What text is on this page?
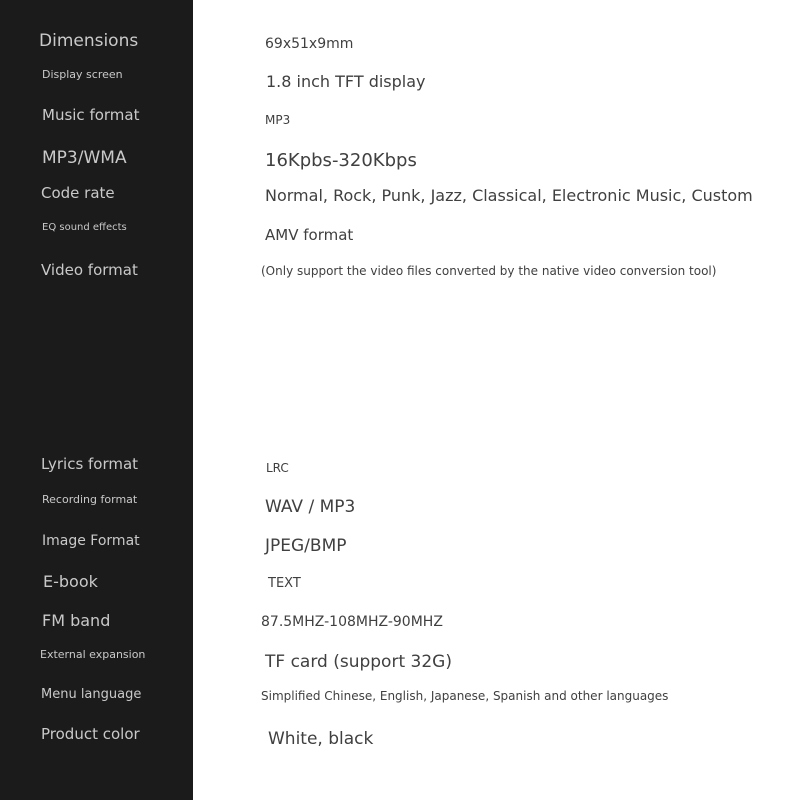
Dimensions
Display screen
Music format
MP3/WMA
Code rate
EQ sound effects
Video format
Lyrics format
Recording format
Image Format
E-book
FM band
External expansion
Menu language
Product color
69x51x9mm
1.8 inch TFT display
MP3
16Kpbs-320Kbps
Normal, Rock, Punk, Jazz, Classical, Electronic Music, Custom
AMV format
(Only support the video files converted by the native video conversion tool)
LRC
WAV / MP3
JPEG/BMP
TEXT
87.5MHZ-108MHZ-90MHZ
TF card (support 32G)
Simplified Chinese, English, Japanese, Spanish and other languages
White, black
